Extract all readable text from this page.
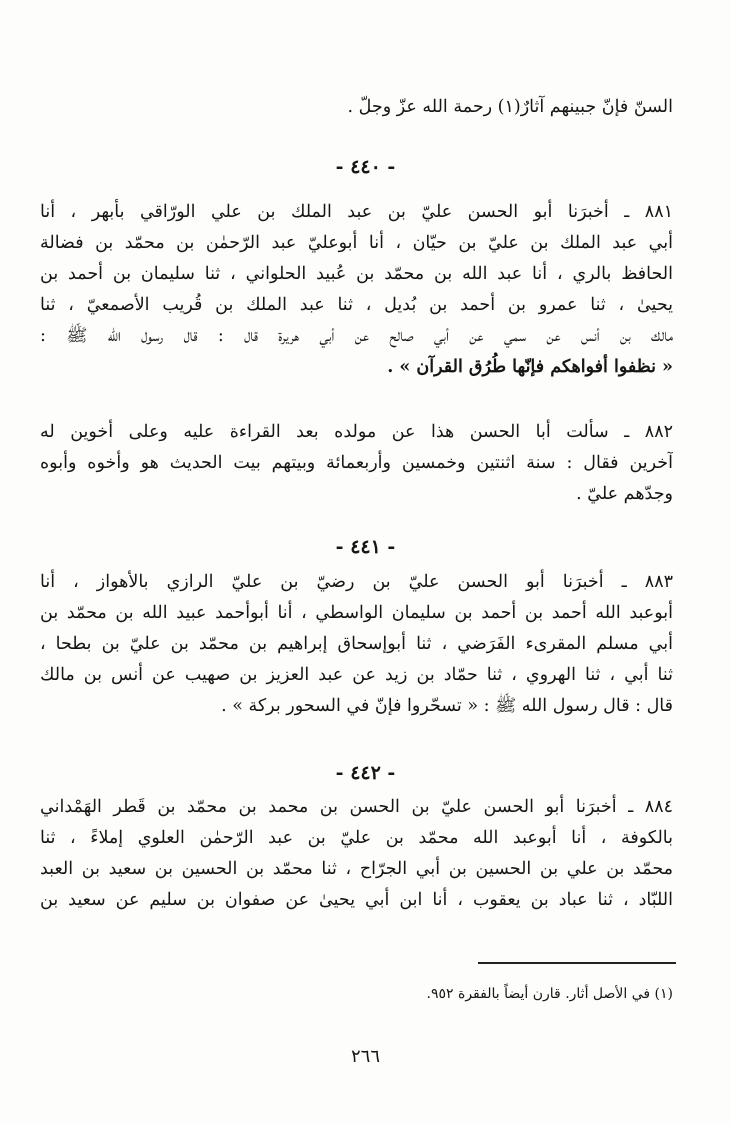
السنّ فإنّ جبينهم آثارٌ(١) رحمة الله عزّ وجلّ .
- ٤٤٠ -
٨٨١ ـ أخبرَنا أبو الحسن عليّ بن عبد الملك بن علي الورّاقي بأبهر ، أنا
أبي عبد الملك بن عليّ بن حيّان ، أنا أبوعليّ عبد الرّحمٰن بن محمّد بن فضالة
الحافظ بالري ، أنا عبد الله بن محمّد بن عُبيد الحلواني ، ثنا سليمان بن أحمد بن
يحيىٰ ، ثنا عمرو بن أحمد بن بُديل ، ثنا عبد الملك بن قُريب الأصمعيّ ، ثنا
مالك بن أنس عن سمي عن أبي صالح عن أبي هريرة قال : قال رسول الله ﷺ :
« نظفوا أفواهكم فإنّها طُرُق القرآن » .
٨٨٢ ـ سألت أبا الحسن هذا عن مولده بعد القراءة عليه وعلى أخوين له
آخرين فقال : سنة اثنتين وخمسين وأربعمائة وبيتهم بيت الحديث هو وأخوه وأبوه
وجدّهم عليّ .
- ٤٤١ -
٨٨٣ ـ أخبرَنا أبو الحسن عليّ بن رضيّ بن عليّ الرازي بالأهواز ، أنا
أبوعبد الله أحمد بن أحمد بن سليمان الواسطي ، أنا أبوأحمد عبيد الله بن محمّد بن
أبي مسلم المقرىء الفَرَضي ، ثنا أبوإسحاق إبراهيم بن محمّد بن عليّ بن بطحا ،
ثنا أبي ، ثنا الهروي ، ثنا حمّاد بن زيد عن عبد العزيز بن صهيب عن أنس بن مالك
قال : قال رسول الله ﷺ : « تسحّروا فإنّ في السحور بركة » .
- ٤٤٢ -
٨٨٤ ـ أخبرَنا أبو الحسن عليّ بن الحسن بن محمد بن محمّد بن قَطر الهَمْداني
بالكوفة ، أنا أبوعبد الله محمّد بن عليّ بن عبد الرّحمٰن العلوي إملاءً ، ثنا
محمّد بن علي بن الحسين بن أبي الجرّاح ، ثنا محمّد بن الحسين بن سعيد بن العبد
اللبّاد ، ثنا عباد بن يعقوب ، أنا ابن أبي يحيىٰ عن صفوان بن سليم عن سعيد بن
(١) في الأصل أثار. قارن أيضاً بالفقرة ٩٥٢.
٢٦٦
